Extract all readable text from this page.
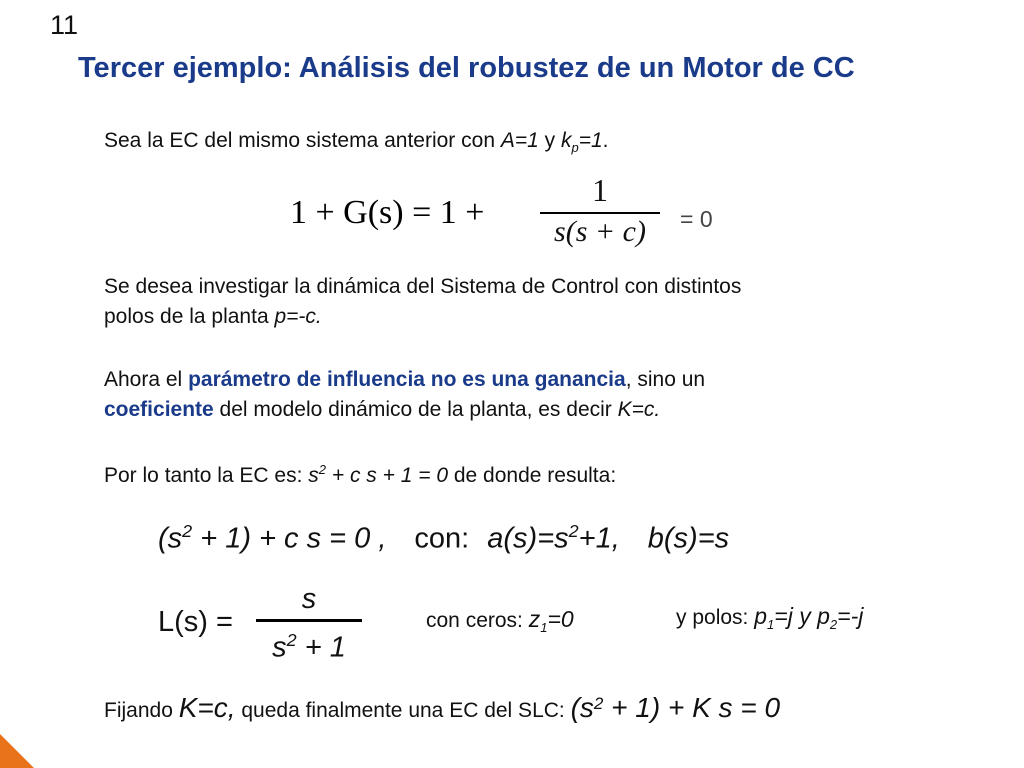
11
Tercer ejemplo: Análisis del robustez de un Motor de CC
Sea la EC del mismo sistema anterior con A=1 y $k_p=1$.
1 + G(s) = 1 +
1
s(s + c) = 0
Se desea investigar la dinámica del Sistema de Control con distintos
polos de la planta p=-c.
Ahora el parámetro de influencia no es una ganancia, sino un
coeficiente del modelo dinámico de la planta, es decir K=c.
Por lo tanto la EC es: $s^2 + c$ s + 1 = 0 de donde resulta:
$(s^2 + 1) + c$ s = 0 , con: $a(s)=s^2+1$, b(s)=s
L(s) =
s
$s^2 + 1$
con ceros: $z_1=0$	y polos: $p_1=j$ y $p_2=-j$
Fijando K=c, queda finalmente una EC del SLC: $(s^2 + 1) + K$ s = 0
